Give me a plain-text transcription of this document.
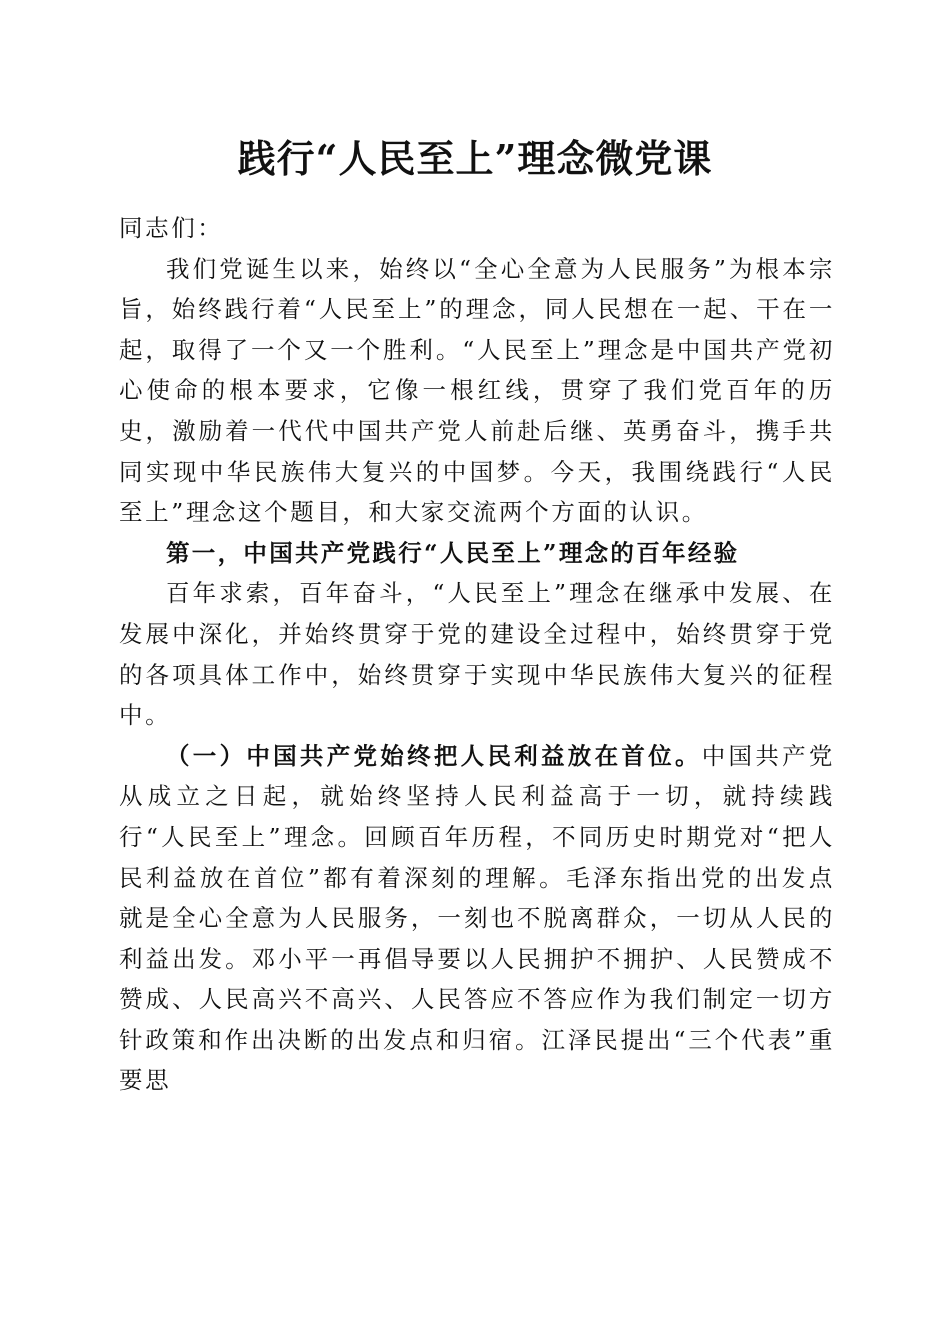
践行“人民至上”理念微党课

同志们：

我们党诞生以来，始终以“全心全意为人民服务”为根本宗旨，始终践行着“人民至上”的理念，同人民想在一起、干在一起，取得了一个又一个胜利。“人民至上”理念是中国共产党初心使命的根本要求，它像一根红线，贯穿了我们党百年的历史，激励着一代代中国共产党人前赴后继、英勇奋斗，携手共同实现中华民族伟大复兴的中国梦。今天，我围绕践行“人民至上”理念这个题目，和大家交流两个方面的认识。

第一，中国共产党践行“人民至上”理念的百年经验

百年求索，百年奋斗，“人民至上”理念在继承中发展、在发展中深化，并始终贯穿于党的建设全过程中，始终贯穿于党的各项具体工作中，始终贯穿于实现中华民族伟大复兴的征程中。

（一）中国共产党始终把人民利益放在首位。中国共产党从成立之日起，就始终坚持人民利益高于一切，就持续践行“人民至上”理念。回顾百年历程，不同历史时期党对“把人民利益放在首位”都有着深刻的理解。毛泽东指出党的出发点就是全心全意为人民服务，一刻也不脱离群众，一切从人民的利益出发。邓小平一再倡导要以人民拥护不拥护、人民赞成不赞成、人民高兴不高兴、人民答应不答应作为我们制定一切方针政策和作出决断的出发点和归宿。江泽民提出“三个代表”重要思
